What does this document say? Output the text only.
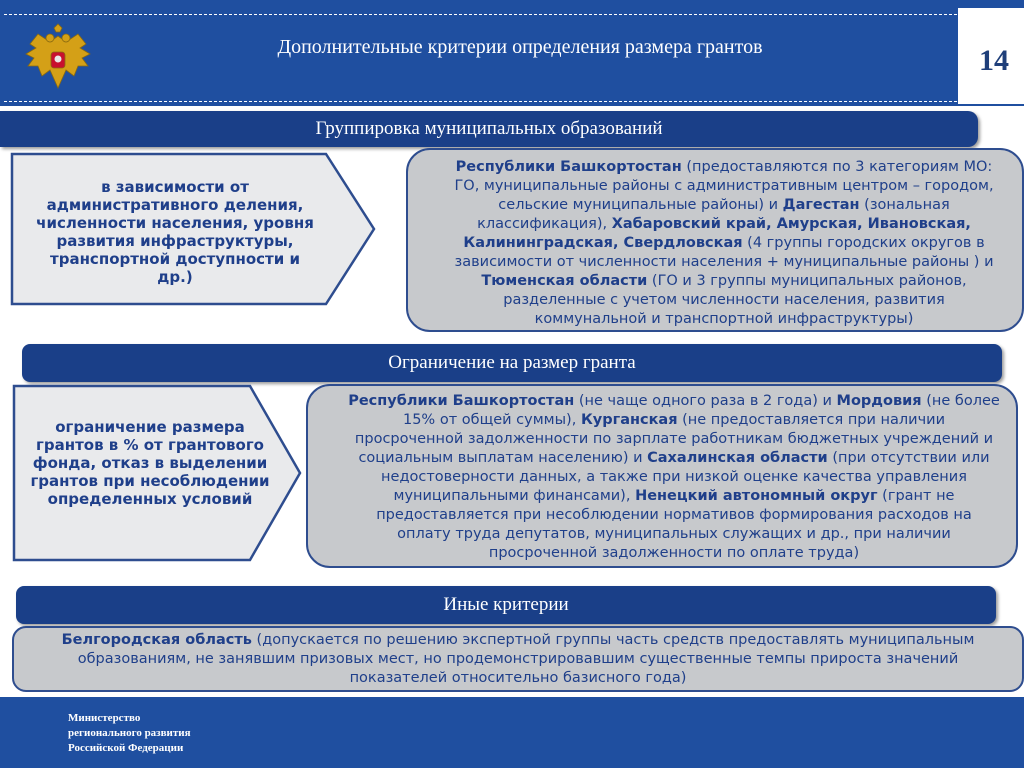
Дополнительные критерии определения размера грантов	14
Группировка муниципальных образований
в зависимости от административного деления, численности населения, уровня развития инфраструктуры, транспортной доступности и др.)
Республики Башкортостан (предоставляются по 3 категориям МО: ГО, муниципальные районы с административным центром – городом, сельские муниципальные районы) и Дагестан (зональная классификация), Хабаровский край, Амурская, Ивановская, Калининградская, Свердловская (4 группы городских округов в зависимости от численности населения + муниципальные районы ) и Тюменская области (ГО и 3 группы муниципальных районов, разделенные с учетом численности населения, развития коммунальной и транспортной инфраструктуры)
Ограничение на размер гранта
ограничение размера грантов в % от грантового фонда, отказ в выделении грантов при несоблюдении определенных условий
Республики Башкортостан (не чаще одного раза в 2 года) и Мордовия (не более 15% от общей суммы), Курганская (не предоставляется при наличии просроченной задолженности по зарплате работникам бюджетных учреждений и социальным выплатам населению) и Сахалинская области (при отсутствии или недостоверности данных, а также при низкой оценке качества управления муниципальными финансами), Ненецкий автономный округ (грант не предоставляется при несоблюдении нормативов формирования расходов на оплату труда депутатов, муниципальных служащих и др., при наличии просроченной задолженности по оплате труда)
Иные критерии
Белгородская область (допускается по решению экспертной группы часть средств предоставлять муниципальным образованиям, не занявшим призовых мест, но продемонстрировавшим существенные темпы прироста значений показателей относительно базисного года)
Министерство
регионального развития
Российской Федерации
